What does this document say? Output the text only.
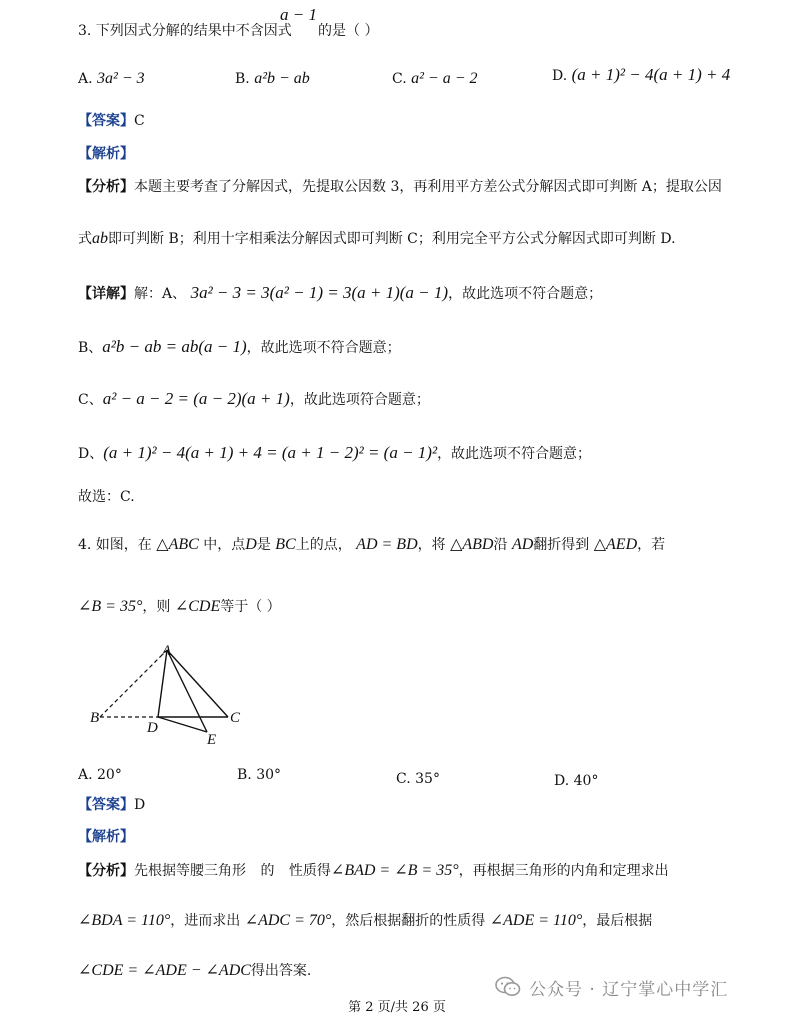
3. 下列因式分解的结果中不含因式
a − 1
的是（ ）
A. 3a² − 3	B. a²b − ab	C. a² − a − 2	D. (a + 1)² − 4(a + 1) + 4
【答案】C
【解析】
【分析】本题主要考查了分解因式，先提取公因数 3，再利用平方差公式分解因式即可判断 A；提取公因
式ab即可判断 B；利用十字相乘法分解因式即可判断 C；利用完全平方公式分解因式即可判断 D.
【详解】解：A、 3a² − 3 = 3(a² − 1) = 3(a + 1)(a − 1)，故此选项不符合题意；
B、a²b − ab = ab(a − 1)，故此选项不符合题意；
C、a² − a − 2 = (a − 2)(a + 1)，故此选项符合题意；
D、(a + 1)² − 4(a + 1) + 4 = (a + 1 − 2)² = (a − 1)²，故此选项不符合题意；
故选：C.
4. 如图，在 △ABC 中，点D是 BC上的点， AD = BD，将 △ABD沿 AD翻折得到 △AED，若
∠B = 35°，则 ∠CDE等于（ ）
A
B	C
D
E
A. 20°	B. 30°	C. 35°	D. 40°
【答案】D
【解析】
【分析】先根据等腰三角形 的 性质得∠BAD = ∠B = 35°，再根据三角形的内角和定理求出
∠BDA = 110°，进而求出 ∠ADC = 70°，然后根据翻折的性质得 ∠ADE = 110°，最后根据
∠CDE = ∠ADE − ∠ADC得出答案.
公众号 · 辽宁掌心中学汇
第 2 页/共 26 页
